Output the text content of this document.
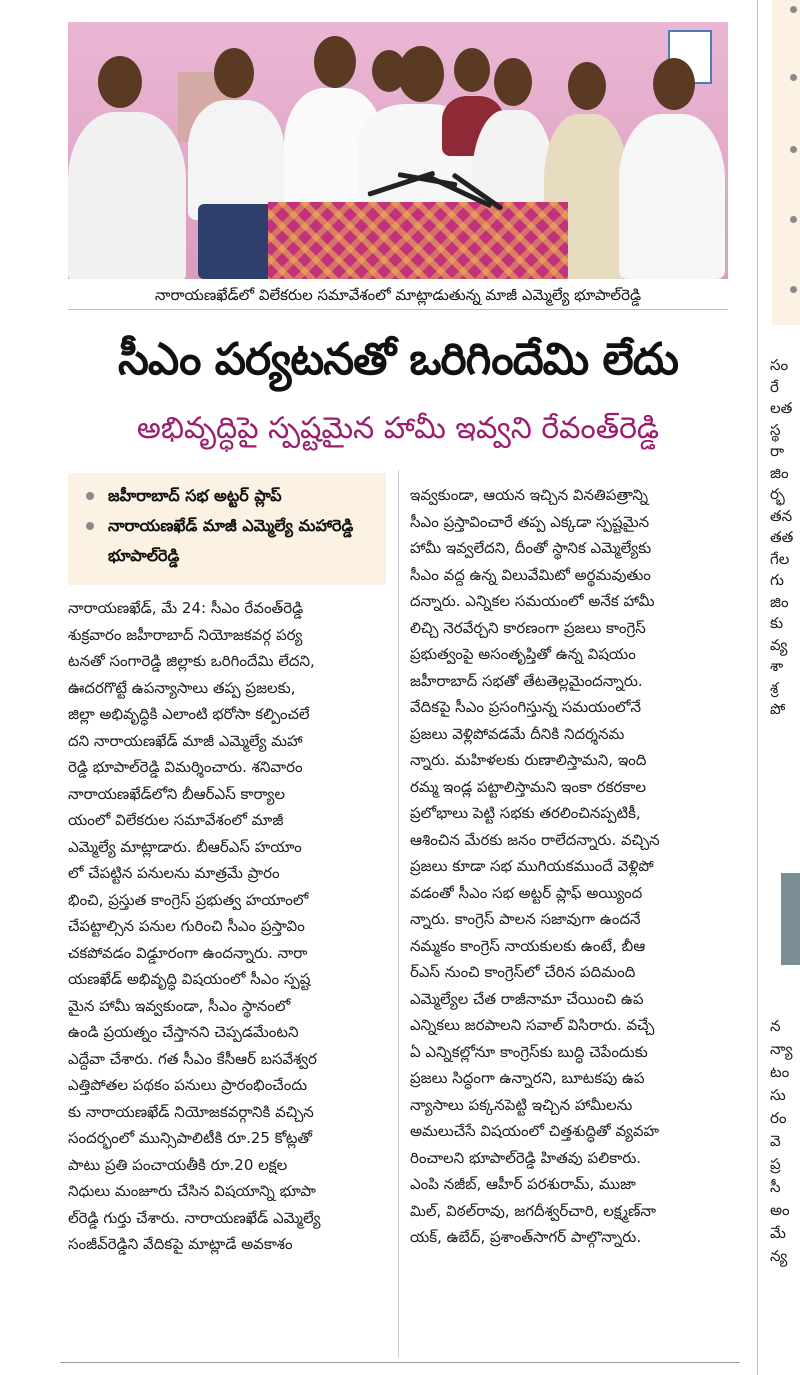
నారాయణఖేడ్‌లో విలేకరుల సమావేశంలో మాట్లాడుతున్న మాజీ ఎమ్మెల్యే భూపాల్‌రెడ్డి
సీఎం పర్యటనతో ఒరిగిందేమి లేదు
అభివృద్ధిపై స్పష్టమైన హామీ ఇవ్వని రేవంత్‌రెడ్డి
జహీరాబాద్‌ సభ అట్టర్‌ ప్లాప్‌
నారాయణఖేడ్‌ మాజీ ఎమ్మెల్యే మహారెడ్డి భూపాల్‌రెడ్డి
నారాయణఖేడ్‌, మే 24: సీఎం రేవంత్‌రెడ్డి
శుక్రవారం జహీరాబాద్‌ నియోజకవర్గ పర్య
టనతో సంగారెడ్డి జిల్లాకు ఒరిగిందేమి లేదని,
ఊదరగొట్టే ఉపన్యాసాలు తప్ప ప్రజలకు,
జిల్లా అభివృద్ధికి ఎలాంటి భరోసా కల్పించలే
దని నారాయణఖేడ్‌ మాజీ ఎమ్మెల్యే మహా
రెడ్డి భూపాల్‌రెడ్డి విమర్శించారు. శనివారం
నారాయణఖేడ్‌లోని బీఆర్‌ఎస్‌ కార్యాల
యంలో విలేకరుల సమావేశంలో మాజీ
ఎమ్మెల్యే మాట్లాడారు. బీఆర్‌ఎస్‌ హయాం
లో చేపట్టిన పనులను మాత్రమే ప్రారం
భించి, ప్రస్తుత కాంగ్రెస్‌ ప్రభుత్వ హయాంలో
చేపట్టాల్సిన పనుల గురించి సీఎం ప్రస్తావిం
చకపోవడం విడ్డూరంగా ఉందన్నారు. నారా
యణఖేడ్‌ అభివృద్ధి విషయంలో సీఎం స్పష్ట
మైన హామీ ఇవ్వకుండా, సీఎం స్థానంలో
ఉండి ప్రయత్నం చేస్తానని చెప్పడమేంటని
ఎద్దేవా చేశారు. గత సీఎం కేసీఆర్‌ బసవేశ్వర
ఎత్తిపోతల పథకం పనులు ప్రారంభించేందు
కు నారాయణఖేడ్‌ నియోజకవర్గానికి వచ్చిన
సందర్భంలో మున్సిపాలిటీకి రూ.25 కోట్లతో
పాటు ప్రతి పంచాయతీకి రూ.20 లక్షల
నిధులు మంజూరు చేసిన విషయాన్ని భూపా
ల్‌రెడ్డి గుర్తు చేశారు. నారాయణఖేడ్‌ ఎమ్మెల్యే
సంజీవ్‌రెడ్డిని వేదికపై మాట్లాడే అవకాశం
ఇవ్వకుండా, ఆయన ఇచ్చిన వినతిపత్రాన్ని
సీఎం ప్రస్తావించారే తప్ప ఎక్కడా స్పష్టమైన
హామీ ఇవ్వలేదని, దీంతో స్థానిక ఎమ్మెల్యేకు
సీఎం వద్ద ఉన్న విలువేమిటో అర్థమవుతుం
దన్నారు. ఎన్నికల సమయంలో అనేక హామీ
లిచ్చి నెరవేర్చని కారణంగా ప్రజలు కాంగ్రెస్‌
ప్రభుత్వంపై అసంతృప్తితో ఉన్న విషయం
జహీరాబాద్‌ సభతో తేటతెల్లమైందన్నారు.
వేదికపై సీఎం ప్రసంగిస్తున్న సమయంలోనే
ప్రజలు వెళ్లిపోవడమే దీనికి నిదర్శనమ
న్నారు. మహిళలకు రుణాలిస్తామని, ఇంది
రమ్మ ఇండ్ల పట్టాలిస్తామని ఇంకా రకరకాల
ప్రలోభాలు పెట్టి సభకు తరలించినప్పటికీ,
ఆశించిన మేరకు జనం రాలేదన్నారు. వచ్చిన
ప్రజలు కూడా సభ ముగియకముందే వెళ్లిపో
వడంతో సీఎం సభ అట్టర్‌ ప్లాఫ్‌ అయ్యింద
న్నారు. కాంగ్రెస్‌ పాలన సజావుగా ఉందనే
నమ్మకం కాంగ్రెస్‌ నాయకులకు ఉంటే, బీఆ
ర్‌ఎస్‌ నుంచి కాంగ్రెస్‌లో చేరిన పదిమంది
ఎమ్మెల్యేల చేత రాజీనామా చేయించి ఉప
ఎన్నికలు జరపాలని సవాల్‌ విసిరారు. వచ్చే
ఏ ఎన్నికల్లోనూ కాంగ్రెస్‌కు బుద్ధి చెపేందుకు
ప్రజలు సిద్ధంగా ఉన్నారని, బూటకపు ఉప
న్యాసాలు పక్కనపెట్టి ఇచ్చిన హామీలను
అమలుచేసే విషయంలో చిత్తశుద్ధితో వ్యవహ
రించాలని భూపాల్‌రెడ్డి హితవు పలికారు.
ఎంపి నజీబ్‌, ఆహీర్‌ పరశురామ్‌, ముజా
మిల్‌, విఠల్‌రావు, జగదీశ్వర్‌చారి, లక్ష్మణ్‌నా
యక్‌, ఉబేద్‌, ప్రశాంత్‌సాగర్‌ పాల్గొన్నారు.
సం
రే
లత
స్థ
రా
జిం
ర్భ
తన
తత
గేల
గు
జిం
కు
వ్య
శా
శ్ర
పో
న
న్యా
టం
సు
రం
వె
ప్ర
సీ
అం
మే
న్య
